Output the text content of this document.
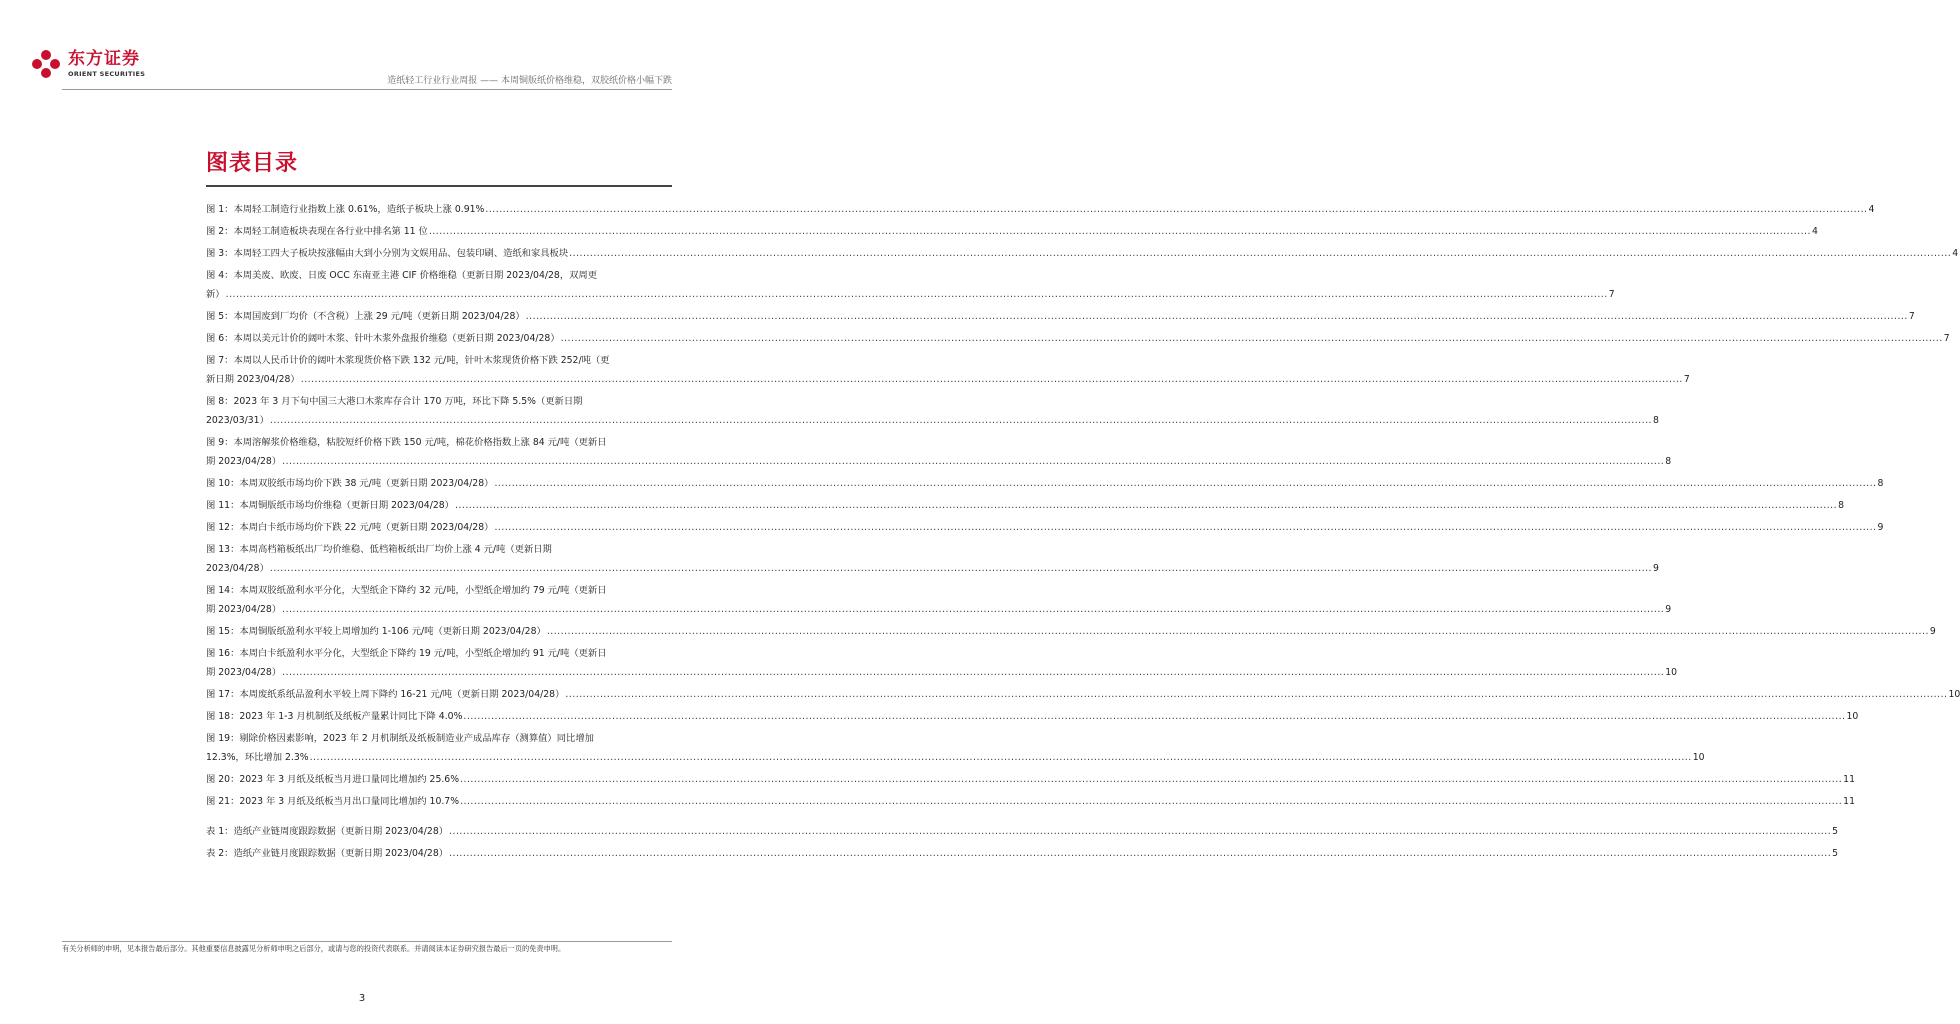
东方证券
ORIENT SECURITIES
造纸轻工行业行业周报 —— 本周铜版纸价格维稳，双胶纸价格小幅下跌
图表目录
图 1：本周轻工制造行业指数上涨 0.61%，造纸子板块上涨 0.91% ................................................................................................................................................................................................................................................................................................................................................................................................................ 4
图 2：本周轻工制造板块表现在各行业中排名第 11 位 ................................................................................................................................................................................................................................................................................................................................................................................................................ 4
图 3：本周轻工四大子板块按涨幅由大到小分别为文娱用品、包装印刷、造纸和家具板块 ................................................................................................................................................................................................................................................................................................................................................................................................................ 4
图 4：本周美废、欧废、日废 OCC 东南亚主港 CIF 价格维稳（更新日期 2023/04/28，双周更
新） ................................................................................................................................................................................................................................................................................................................................................................................................................ 7
图 5：本周国废到厂均价（不含税）上涨 29 元/吨（更新日期 2023/04/28） ................................................................................................................................................................................................................................................................................................................................................................................................................ 7
图 6：本周以美元计价的阔叶木浆、针叶木浆外盘报价维稳（更新日期 2023/04/28） ................................................................................................................................................................................................................................................................................................................................................................................................................ 7
图 7：本周以人民币计价的阔叶木浆现货价格下跌 132 元/吨，针叶木浆现货价格下跌 252/吨（更
新日期 2023/04/28） ................................................................................................................................................................................................................................................................................................................................................................................................................ 7
图 8：2023 年 3 月下旬中国三大港口木浆库存合计 170 万吨，环比下降 5.5%（更新日期
2023/03/31） ................................................................................................................................................................................................................................................................................................................................................................................................................ 8
图 9：本周溶解浆价格维稳，粘胶短纤价格下跌 150 元/吨，棉花价格指数上涨 84 元/吨（更新日
期 2023/04/28） ................................................................................................................................................................................................................................................................................................................................................................................................................ 8
图 10：本周双胶纸市场均价下跌 38 元/吨（更新日期 2023/04/28） ................................................................................................................................................................................................................................................................................................................................................................................................................ 8
图 11：本周铜版纸市场均价维稳（更新日期 2023/04/28） ................................................................................................................................................................................................................................................................................................................................................................................................................ 8
图 12：本周白卡纸市场均价下跌 22 元/吨（更新日期 2023/04/28） ................................................................................................................................................................................................................................................................................................................................................................................................................ 9
图 13：本周高档箱板纸出厂均价维稳、低档箱板纸出厂均价上涨 4 元/吨（更新日期
2023/04/28） ................................................................................................................................................................................................................................................................................................................................................................................................................ 9
图 14：本周双胶纸盈利水平分化，大型纸企下降约 32 元/吨，小型纸企增加约 79 元/吨（更新日
期 2023/04/28） ................................................................................................................................................................................................................................................................................................................................................................................................................ 9
图 15：本周铜版纸盈利水平较上周增加约 1-106 元/吨（更新日期 2023/04/28） ................................................................................................................................................................................................................................................................................................................................................................................................................ 9
图 16：本周白卡纸盈利水平分化，大型纸企下降约 19 元/吨，小型纸企增加约 91 元/吨（更新日
期 2023/04/28） ................................................................................................................................................................................................................................................................................................................................................................................................................ 10
图 17：本周废纸系纸品盈利水平较上周下降约 16-21 元/吨（更新日期 2023/04/28） ................................................................................................................................................................................................................................................................................................................................................................................................................ 10
图 18：2023 年 1-3 月机制纸及纸板产量累计同比下降 4.0% ................................................................................................................................................................................................................................................................................................................................................................................................................ 10
图 19：剔除价格因素影响，2023 年 2 月机制纸及纸板制造业产成品库存（测算值）同比增加
12.3%，环比增加 2.3% ................................................................................................................................................................................................................................................................................................................................................................................................................ 10
图 20：2023 年 3 月纸及纸板当月进口量同比增加约 25.6% ................................................................................................................................................................................................................................................................................................................................................................................................................ 11
图 21：2023 年 3 月纸及纸板当月出口量同比增加约 10.7% ................................................................................................................................................................................................................................................................................................................................................................................................................ 11
表 1：造纸产业链周度跟踪数据（更新日期 2023/04/28） ................................................................................................................................................................................................................................................................................................................................................................................................................ 5
表 2：造纸产业链月度跟踪数据（更新日期 2023/04/28） ................................................................................................................................................................................................................................................................................................................................................................................................................ 5
有关分析师的申明，见本报告最后部分。其他重要信息披露见分析师申明之后部分，或请与您的投资代表联系。并请阅读本证券研究报告最后一页的免责申明。
3
